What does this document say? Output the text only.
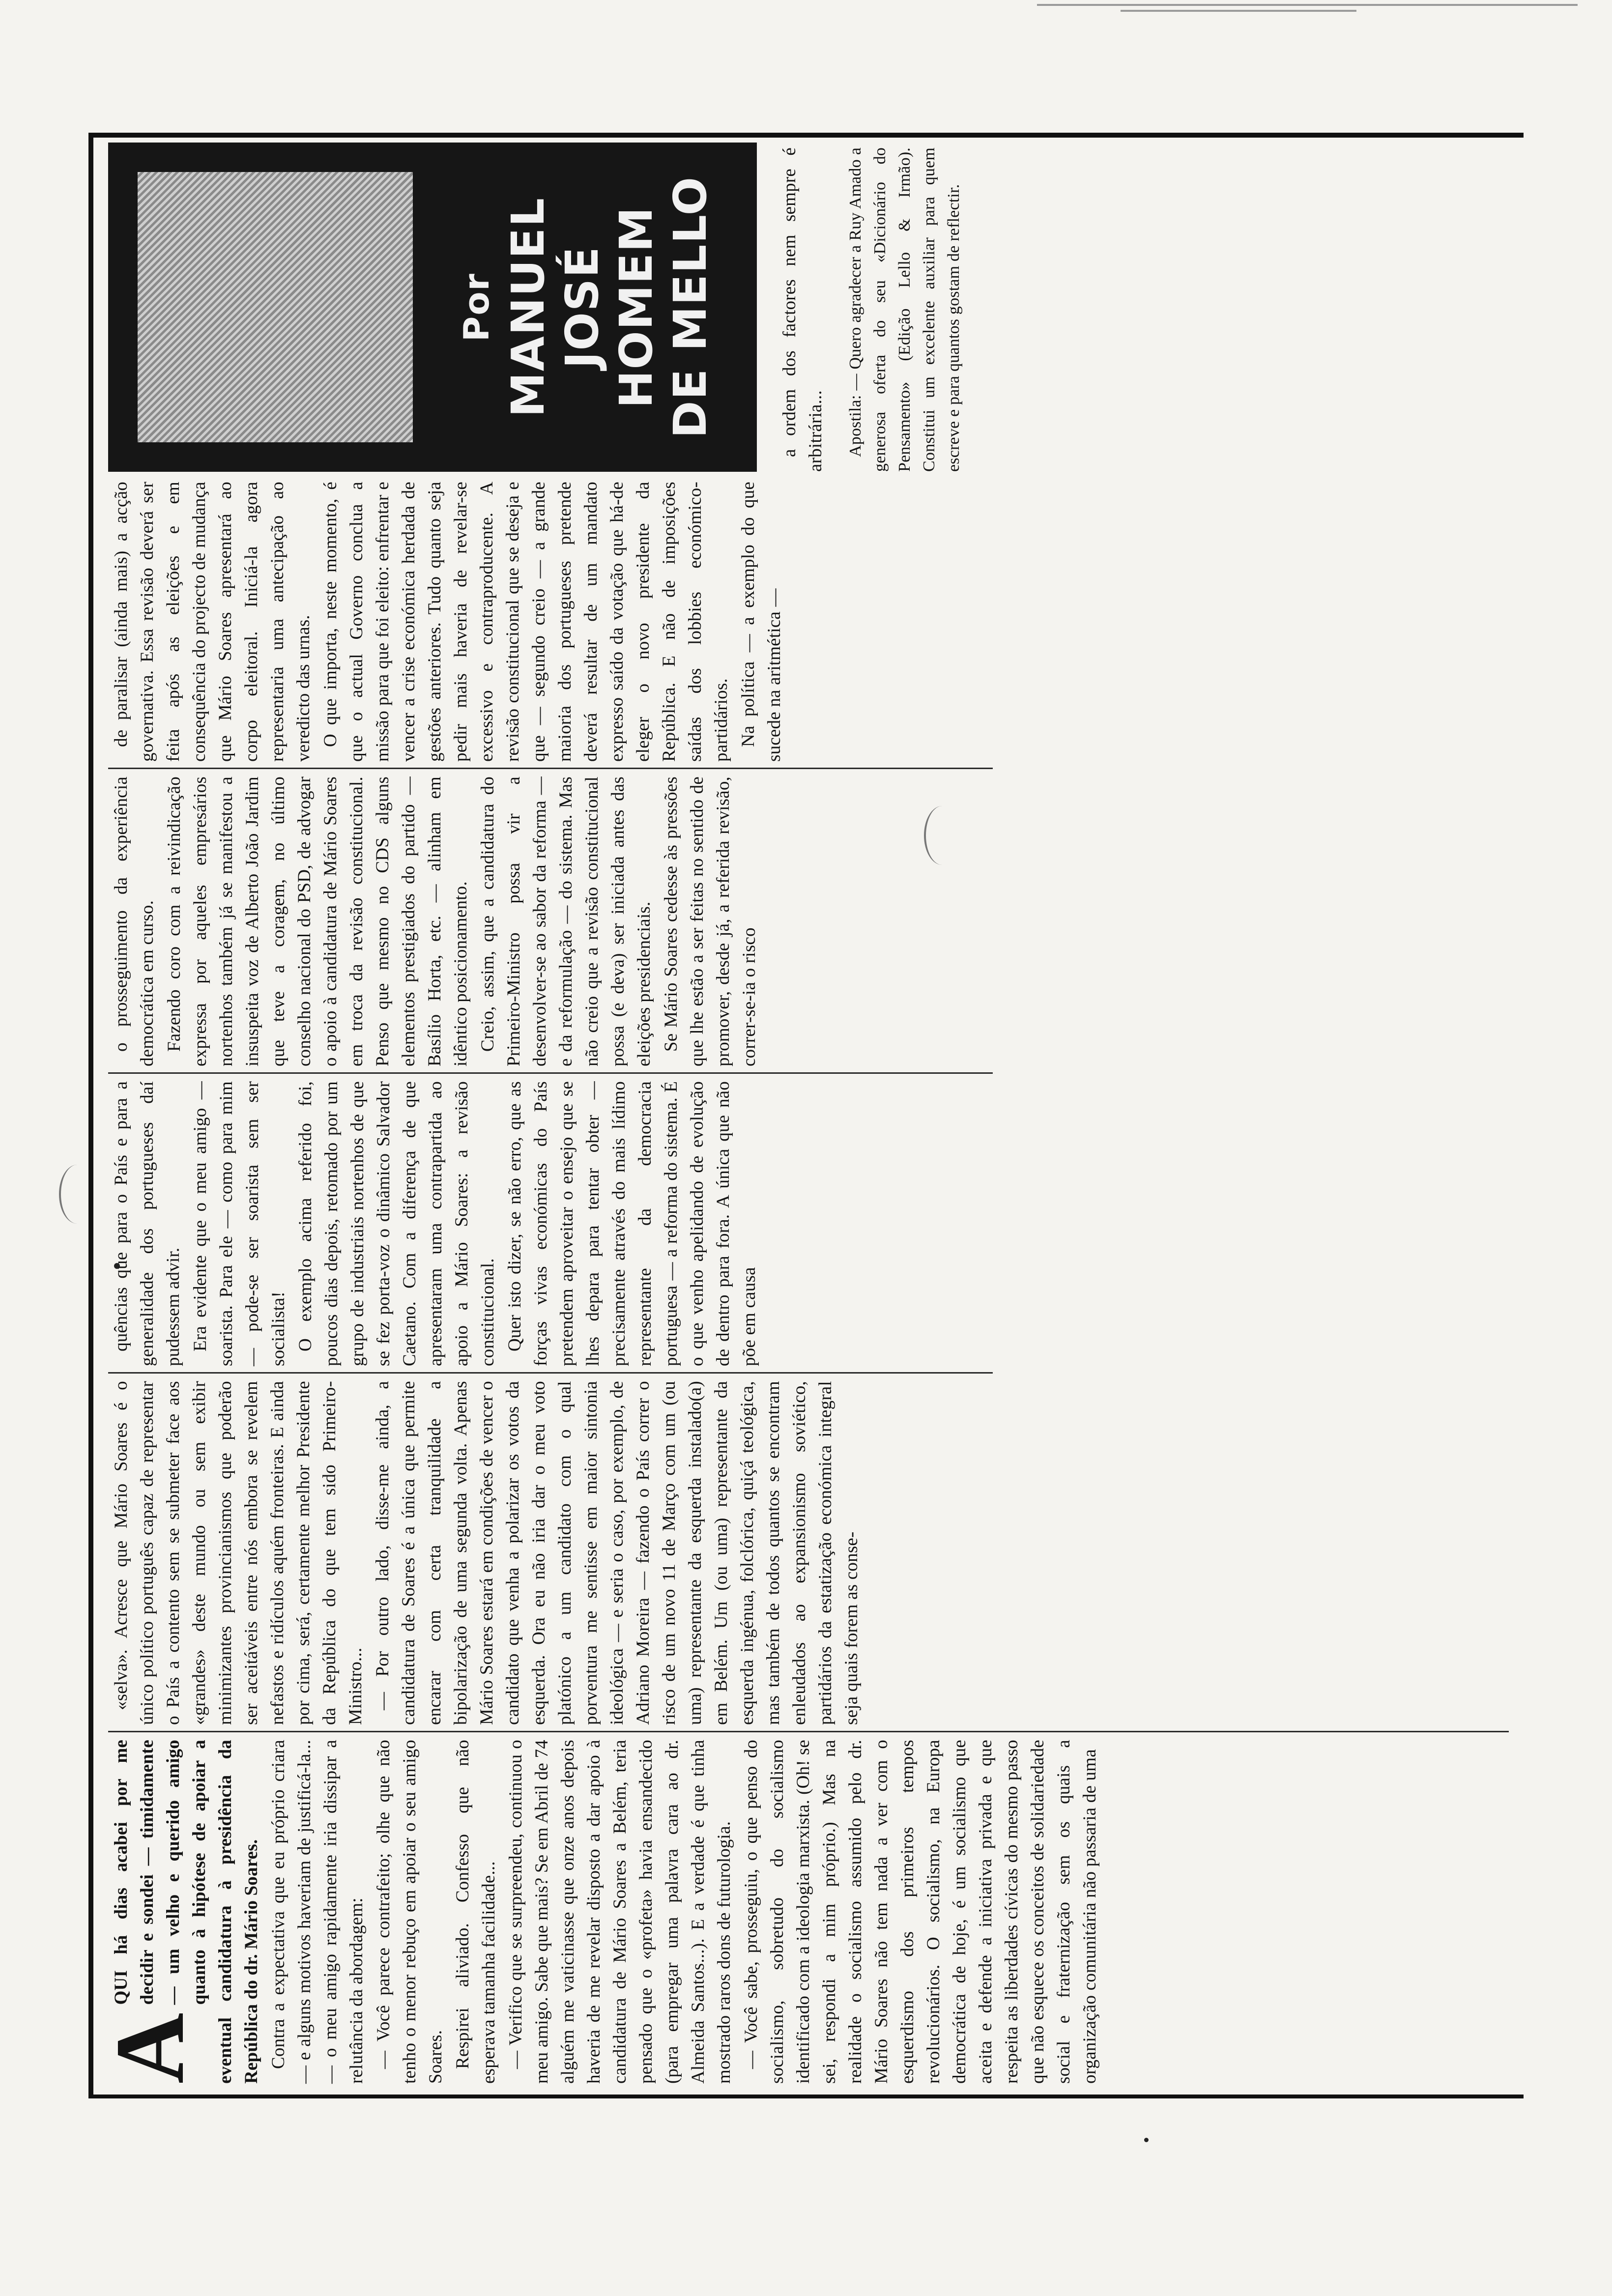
A

QUI há dias acabei por me decidir e sondei — timidamente — um velho e querido amigo quanto à hipótese de apoiar a eventual candidatura à presidência da República do dr. Mário Soares. Contra a expectativa que eu próprio criara — e alguns motivos haveriam de justificá-la... — o meu amigo rapidamente iria dissipar a relutância da abordagem: — Você parece contrafeito; olhe que não tenho o menor rebuço em apoiar o seu amigo Soares. Respirei aliviado. Confesso que não esperava tamanha facilidade... — Verifico que se surpreendeu, continuou o meu amigo. Sabe que mais? Se em Abril de 74 alguém me vaticinasse que onze anos depois haveria de me revelar disposto a dar apoio à candidatura de Mário Soares a Belém, teria pensado que o «profeta» havia ensandecido (para empregar uma palavra cara ao dr. Almeida Santos...). E a verdade é que tinha mostrado raros dons de futurologia. — Você sabe, prosseguiu, o que penso do socialismo, sobretudo do socialismo identificado com a ideologia marxista. (Oh! se sei, respondi a mim próprio.) Mas na realidade o socialismo assumido pelo dr. Mário Soares não tem nada a ver com o esquerdismo dos primeiros tempos revolucionários. O socialismo, na Europa democrática de hoje, é um socialismo que aceita e defende a iniciativa privada e que respeita as liberdades cívicas do mesmo passo que não esquece os conceitos de solidariedade social e fraternização sem os quais a organização comunitária não passaria de uma

«selva». Acresce que Mário Soares é o único político português capaz de representar o País a contento sem se submeter face aos «grandes» deste mundo ou sem exibir minimizantes provincianismos que poderão ser aceitáveis entre nós embora se revelem nefastos e ridículos aquém fronteiras. E ainda por cima, será, certamente melhor Presidente da República do que tem sido Primeiro-Ministro... — Por outro lado, disse-me ainda, a candidatura de Soares é a única que permite encarar com certa tranquilidade a bipolarização de uma segunda volta. Apenas Mário Soares estará em condições de vencer o candidato que venha a polarizar os votos da esquerda. Ora eu não iria dar o meu voto platónico a um candidato com o qual porventura me sentisse em maior sintonia ideológica — e seria o caso, por exemplo, de Adriano Moreira — fazendo o País correr o risco de um novo 11 de Março com um (ou uma) representante da esquerda instalado(a) em Belém. Um (ou uma) representante da esquerda ingénua, folclórica, quiçá teológica, mas também de todos quantos se encontram enleudados ao expansionismo soviético, partidários da estatização económica integral seja quais forem as conse-

quências que para o País e para a generalidade dos portugueses daí pudessem advir. Era evidente que o meu amigo — soarista. Para ele — como para mim — pode-se ser soarista sem ser socialista! O exemplo acima referido foi, poucos dias depois, retomado por um grupo de industriais nortenhos de que se fez porta-voz o dinâmico Salvador Caetano. Com a diferença de que apresentaram uma contrapartida ao apoio a Mário Soares: a revisão constitucional. Quer isto dizer, se não erro, que as forças vivas económicas do País pretendem aproveitar o ensejo que se lhes depara para tentar obter — precisamente através do mais lídimo representante da democracia portuguesa — a reforma do sistema. É o que venho apelidando de evolução de dentro para fora. A única que não põe em causa

o prosseguimento da experiência democrática em curso. Fazendo coro com a reivindicação expressa por aqueles empresários nortenhos também já se manifestou a insuspeita voz de Alberto João Jardim que teve a coragem, no último conselho nacional do PSD, de advogar o apoio à candidatura de Mário Soares em troca da revisão constitucional. Penso que mesmo no CDS alguns elementos prestigiados do partido — Basílio Horta, etc. — alinham em idêntico posicionamento. Creio, assim, que a candidatura do Primeiro-Ministro possa vir a desenvolver-se ao sabor da reforma — e da reformulação — do sistema. Mas não creio que a revisão constitucional possa (e deva) ser iniciada antes das eleições presidenciais. Se Mário Soares cedesse às pressões que lhe estão a ser feitas no sentido de promover, desde já, a referida revisão, correr-se-ia o risco

de paralisar (ainda mais) a acção governativa. Essa revisão deverá ser feita após as eleições e em consequência do projecto de mudança que Mário Soares apresentará ao corpo eleitoral. Iniciá-la agora representaria uma antecipação ao veredicto das urnas. O que importa, neste momento, é que o actual Governo conclua a missão para que foi eleito: enfrentar e vencer a crise económica herdada de gestões anteriores. Tudo quanto seja pedir mais haveria de revelar-se excessivo e contraproducente. A revisão constitucional que se deseja e que — segundo creio — a grande maioria dos portugueses pretende deverá resultar de um mandato expresso saído da votação que há-de eleger o novo presidente da República. E não de imposições saídas dos lobbies económico-partidários. Na política — a exemplo do que sucede na aritmética —

Por MANUEL JOSÉ HOMEM DE MELLO	a ordem dos factores nem sempre é arbitrária... Apostila: — Quero agradecer a Ruy Amado a generosa oferta do seu «Dicionário do Pensamento» (Edição Lello & Irmão). Constitui um excelente auxiliar para quem escreve e para quantos gostam de reflectir.
